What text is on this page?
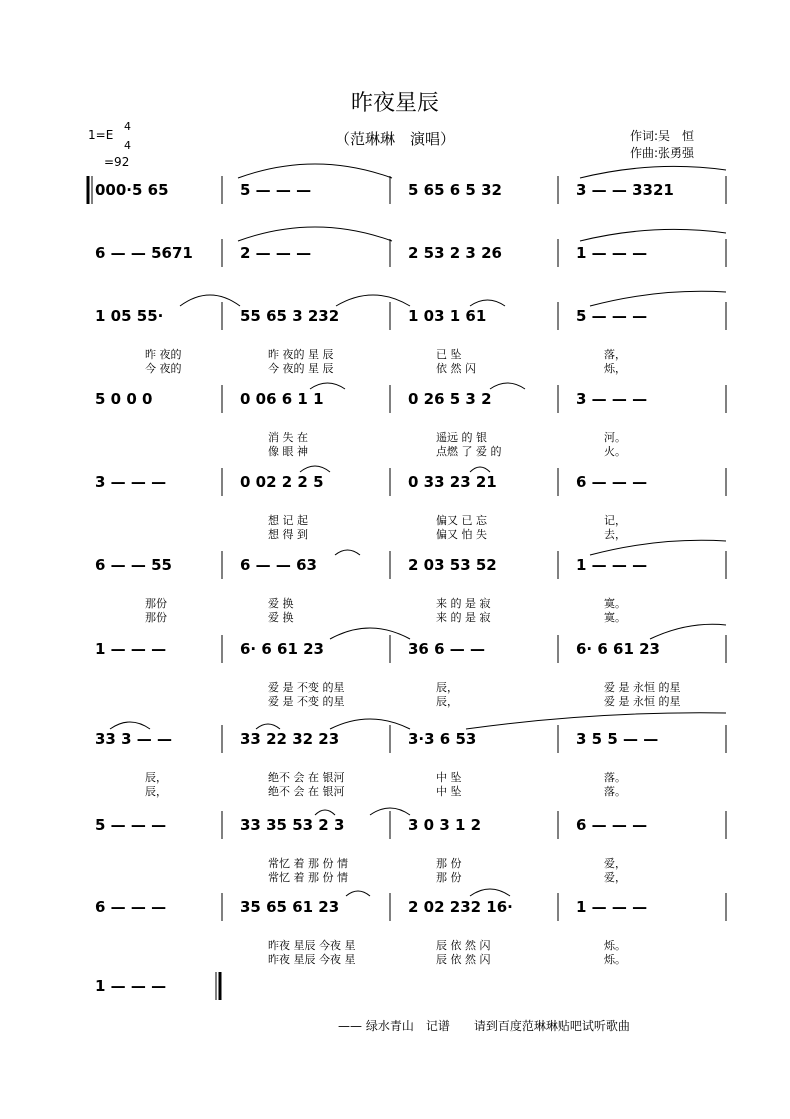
昨夜星辰
（范琳琳　演唱）
1=E
4
4
=92
作词:吴　恒
作曲:张勇强
000·5 65	5 — — —	5 65 6 5 32	3 — — 3321
6 — — 5671	2 — — —	2 53 2 3 26	1 — — —
1 05 55·	55 65 3 232	1 03 1 61	5 — — —
昨 夜的	昨 夜的 星 辰	已 坠	落，
今 夜的	今 夜的 星 辰	依 然 闪	烁，
5 0 0 0	0 06 6 1 1	0 26 5 3 2	3 — — —
消 失 在	遥远 的 银	河。
像 眼 神	点燃 了 爱 的	火。
3 — — —	0 02 2 2 5	0 33 23 21	6 — — —
想 记 起	偏又 已 忘	记，
想 得 到	偏又 怕 失	去，
6 — — 55	6 — — 63	2 03 53 52	1 — — —
那份	爱 换	来 的 是 寂	寞。
那份	爱 换	来 的 是 寂	寞。
1 — — —	6· 6 61 23	36 6 — —	6· 6 61 23
爱 是 不变 的星	辰，	爱 是 永恒 的星
爱 是 不变 的星	辰，	爱 是 永恒 的星
33 3 — —	33 22 32 23	3·3 6 53	3 5 5 — —
辰，	绝不 会 在 银河	中 坠	落。
辰，	绝不 会 在 银河	中 坠	落。
5 — — —	33 35 53 2 3	3 0 3 1 2	6 — — —
常忆 着 那 份 情	那 份	爱，
常忆 着 那 份 情	那 份	爱，
6 — — —	35 65 61 23	2 02 232 16·	1 — — —
昨夜 星辰 今夜 星	辰 依 然 闪	烁。
昨夜 星辰 今夜 星	辰 依 然 闪	烁。
1 — — —
—— 绿水青山　记谱　　请到百度范琳琳贴吧试听歌曲
